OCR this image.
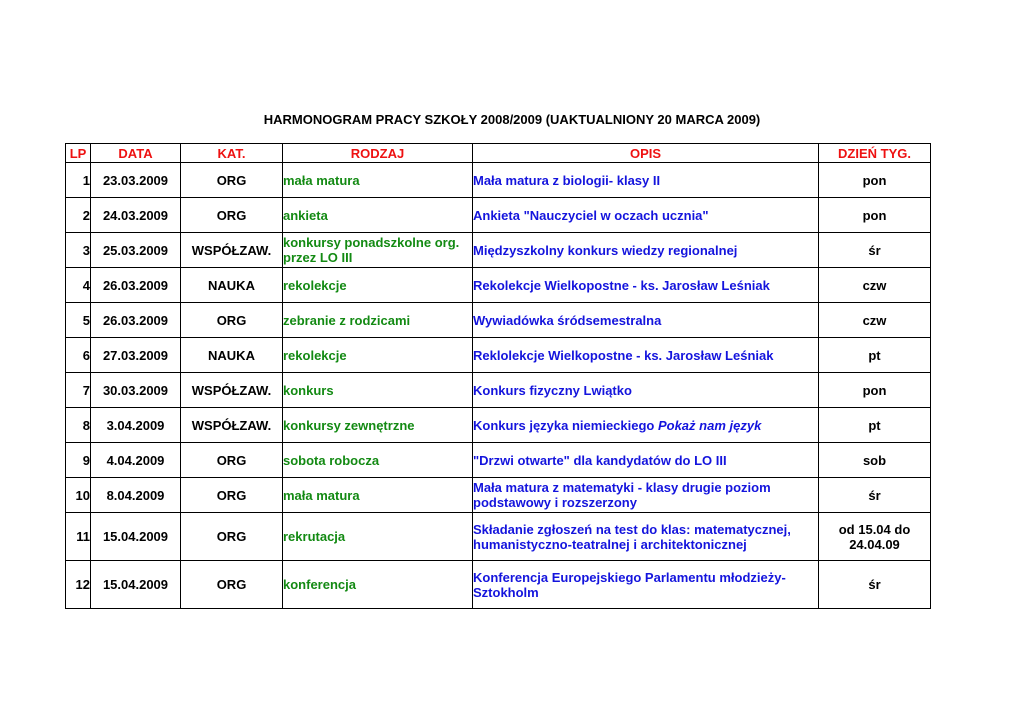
HARMONOGRAM PRACY SZKOŁY 2008/2009 (UAKTUALNIONY 20 MARCA 2009)
LP	DATA	KAT.	RODZAJ	OPIS	DZIEŃ TYG.
1	23.03.2009	ORG	mała matura	Mała matura z biologii- klasy II	pon

2	24.03.2009	ORG	ankieta	Ankieta "Nauczyciel w oczach ucznia"	pon

3	25.03.2009	WSPÓŁZAW.	konkursy ponadszkolne org.
przez LO III	Międzyszkolny konkurs wiedzy regionalnej	śr

4	26.03.2009	NAUKA	rekolekcje	Rekolekcje Wielkopostne - ks. Jarosław Leśniak	czw

5	26.03.2009	ORG	zebranie z rodzicami	Wywiadówka śródsemestralna	czw

6	27.03.2009	NAUKA	rekolekcje	Reklolekcje Wielkopostne - ks. Jarosław Leśniak	pt

7	30.03.2009	WSPÓŁZAW.	konkurs	Konkurs fizyczny Lwiątko	pon

8	3.04.2009	WSPÓŁZAW.	konkursy zewnętrzne	Konkurs języka niemieckiego Pokaż nam język	pt

9	4.04.2009	ORG	sobota robocza	"Drzwi otwarte" dla kandydatów do LO III	sob

10	8.04.2009	ORG	mała matura	Mała matura z matematyki - klasy drugie poziom
podstawowy i rozszerzony	śr

11	15.04.2009	ORG	rekrutacja	Składanie zgłoszeń na test do klas: matematycznej,
humanistyczno-teatralnej i architektonicznej	od 15.04 do
24.04.09

12	15.04.2009	ORG	konferencja	Konferencja Europejskiego Parlamentu młodzieży-
Sztokholm	śr
